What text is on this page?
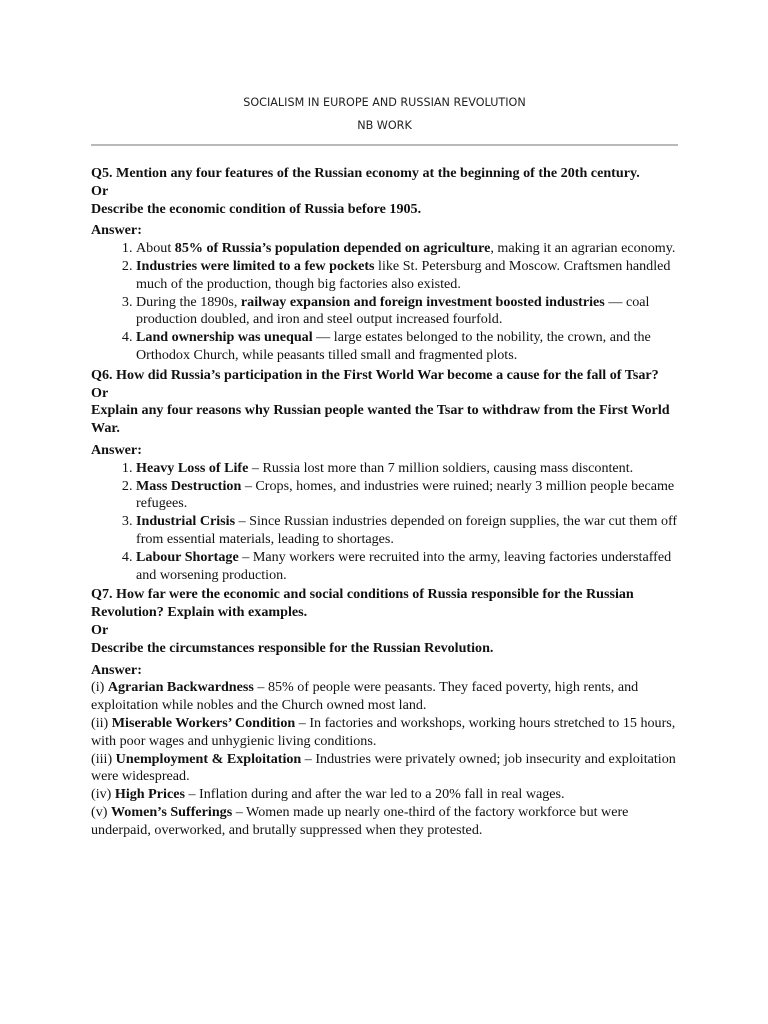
SOCIALISM IN EUROPE AND RUSSIAN REVOLUTION

NB WORK

Q5. Mention any four features of the Russian economy at the beginning of the 20th century.

Or

Describe the economic condition of Russia before 1905.

Answer:

1. About 85% of Russia’s population depended on agriculture, making it an agrarian economy.
2. Industries were limited to a few pockets like St. Petersburg and Moscow. Craftsmen handled much of the production, though big factories also existed.
3. During the 1890s, railway expansion and foreign investment boosted industries — coal production doubled, and iron and steel output increased fourfold.
4. Land ownership was unequal — large estates belonged to the nobility, the crown, and the Orthodox Church, while peasants tilled small and fragmented plots.

Q6. How did Russia’s participation in the First World War become a cause for the fall of Tsar?

Or

Explain any four reasons why Russian people wanted the Tsar to withdraw from the First World War.

Answer:

1. Heavy Loss of Life – Russia lost more than 7 million soldiers, causing mass discontent.
2. Mass Destruction – Crops, homes, and industries were ruined; nearly 3 million people became refugees.
3. Industrial Crisis – Since Russian industries depended on foreign supplies, the war cut them off from essential materials, leading to shortages.
4. Labour Shortage – Many workers were recruited into the army, leaving factories understaffed and worsening production.

Q7. How far were the economic and social conditions of Russia responsible for the Russian Revolution? Explain with examples.

Or

Describe the circumstances responsible for the Russian Revolution.

Answer:

(i) Agrarian Backwardness – 85% of people were peasants. They faced poverty, high rents, and exploitation while nobles and the Church owned most land.

(ii) Miserable Workers’ Condition – In factories and workshops, working hours stretched to 15 hours, with poor wages and unhygienic living conditions.

(iii) Unemployment & Exploitation – Industries were privately owned; job insecurity and exploitation were widespread.

(iv) High Prices – Inflation during and after the war led to a 20% fall in real wages.

(v) Women’s Sufferings – Women made up nearly one-third of the factory workforce but were underpaid, overworked, and brutally suppressed when they protested.
